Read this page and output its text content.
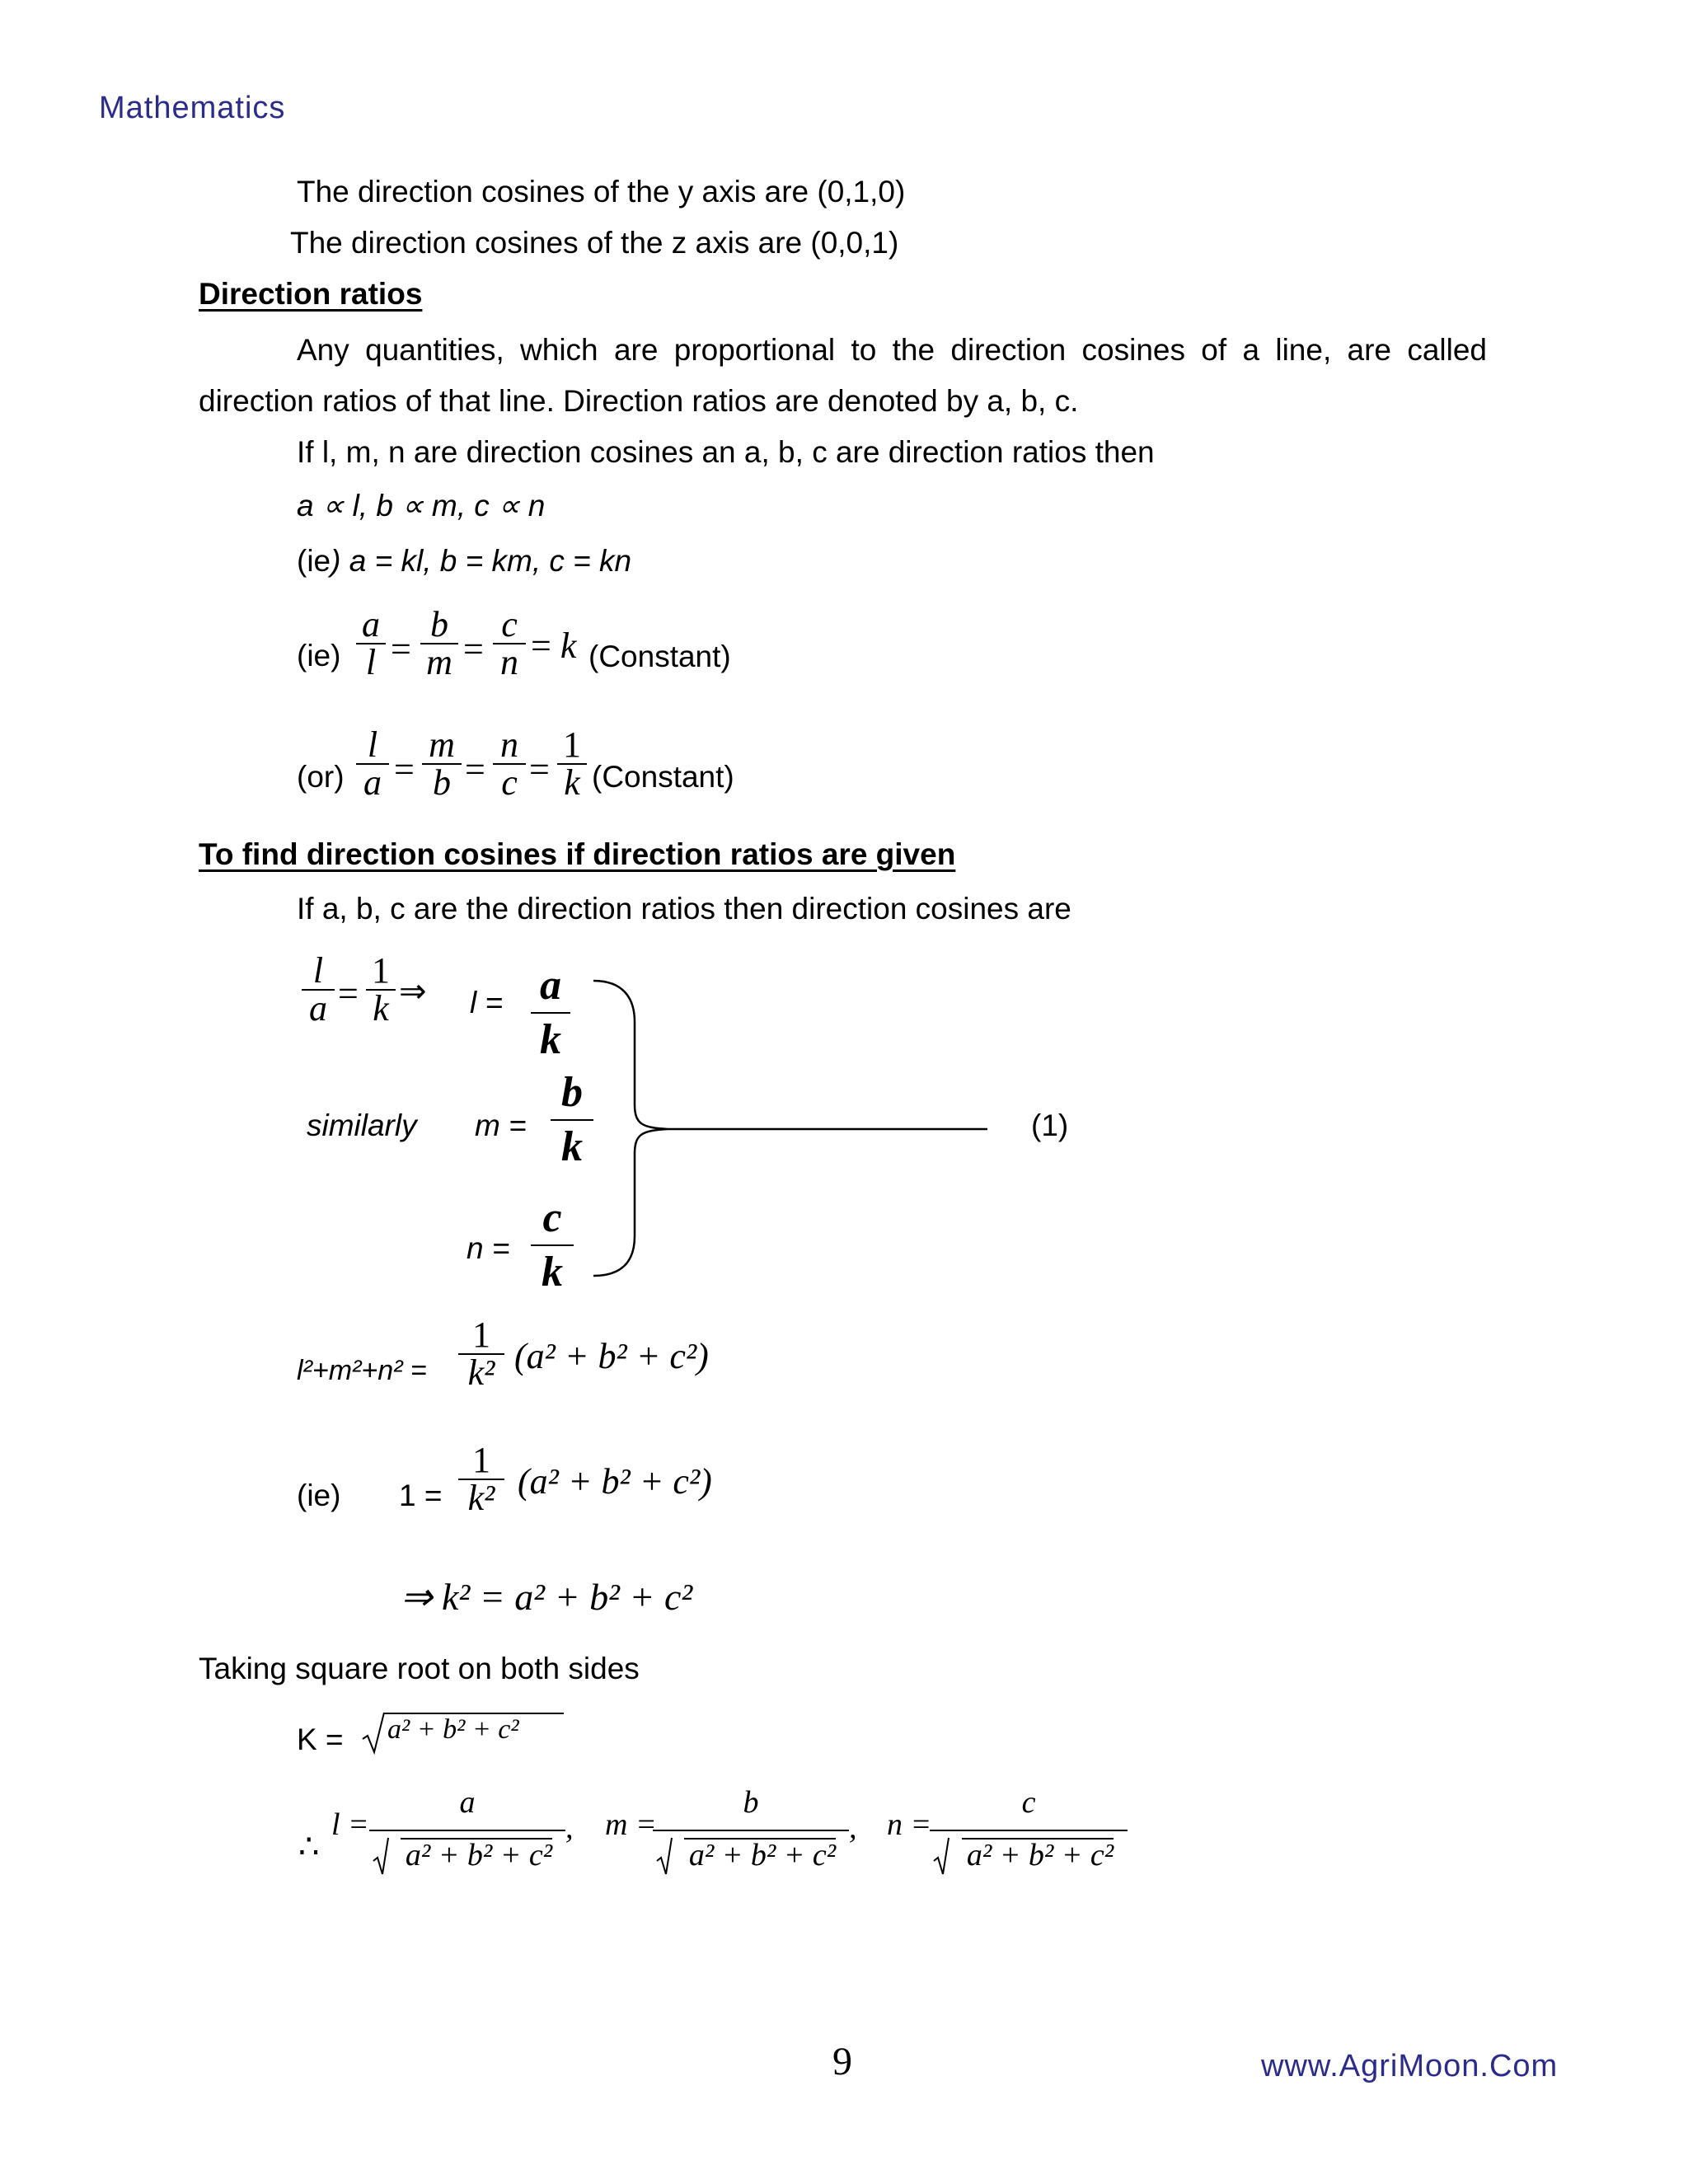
Mathematics
The direction cosines of the y axis are (0,1,0)
The direction cosines of the z axis are (0,0,1)
Direction ratios
Any quantities, which are proportional to the direction cosines of a line, are called
direction ratios of that line. Direction ratios are denoted by a, b, c.
If l, m, n are direction cosines an a, b, c are direction ratios then
a ∝ l, b ∝ m, c ∝ n
(ie) a = kl, b = km, c = kn
(ie)
a
l =
b
m =
c
n = k (Constant)
(or)
l
a =
m
b =
n
c =
1
k (Constant)
To find direction cosines if direction ratios are given
If a, b, c are the direction ratios then direction cosines are
l
a =
1
k ⇒ l = a
k
similarly m =
b
k
n =
c
k
(1)
l²+m²+n² =
1
k² (a² + b² + c²)
(ie) 1 =
1
k² (a² + b² + c²)
⇒ k² = a² + b² + c²
Taking square root on both sides
K = a² + b² + c²
∴
l =
a
a² + b² + c²
, m =
b
a² + b² + c²
, n =
c
a² + b² + c²
9	www.AgriMoon.Com
